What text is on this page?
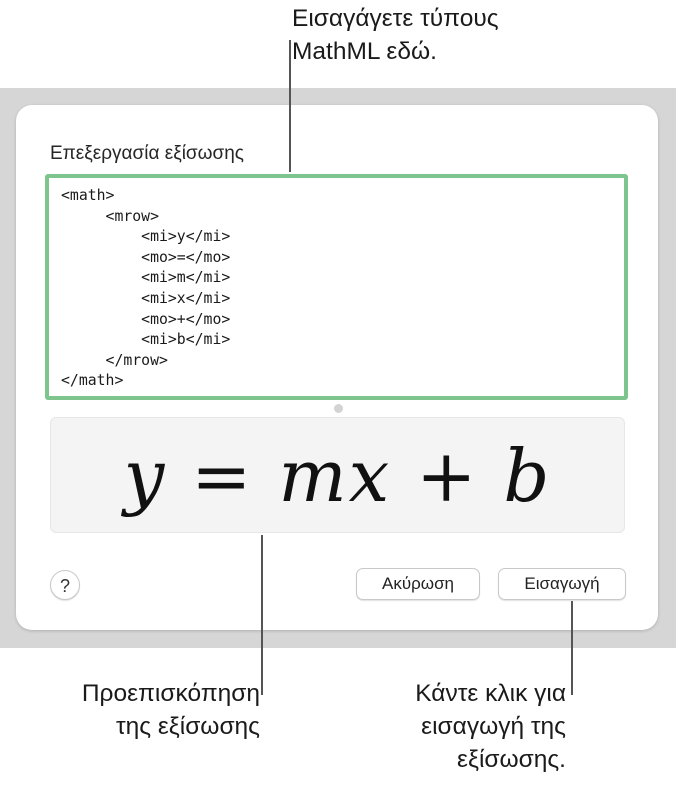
Επεξεργασία εξίσωσης
<math>
<mrow>
<mi>y</mi>
<mo>=</mo>
<mi>m</mi>
<mi>x</mi>
<mo>+</mo>
<mi>b</mi>
</mrow>
</math>
y = mx + b
?	Ακύρωση	Εισαγωγή
Εισαγάγετε τύπους
MathML εδώ.
Προεπισκόπηση
της εξίσωσης
Κάντε κλικ για
εισαγωγή της
εξίσωσης.
